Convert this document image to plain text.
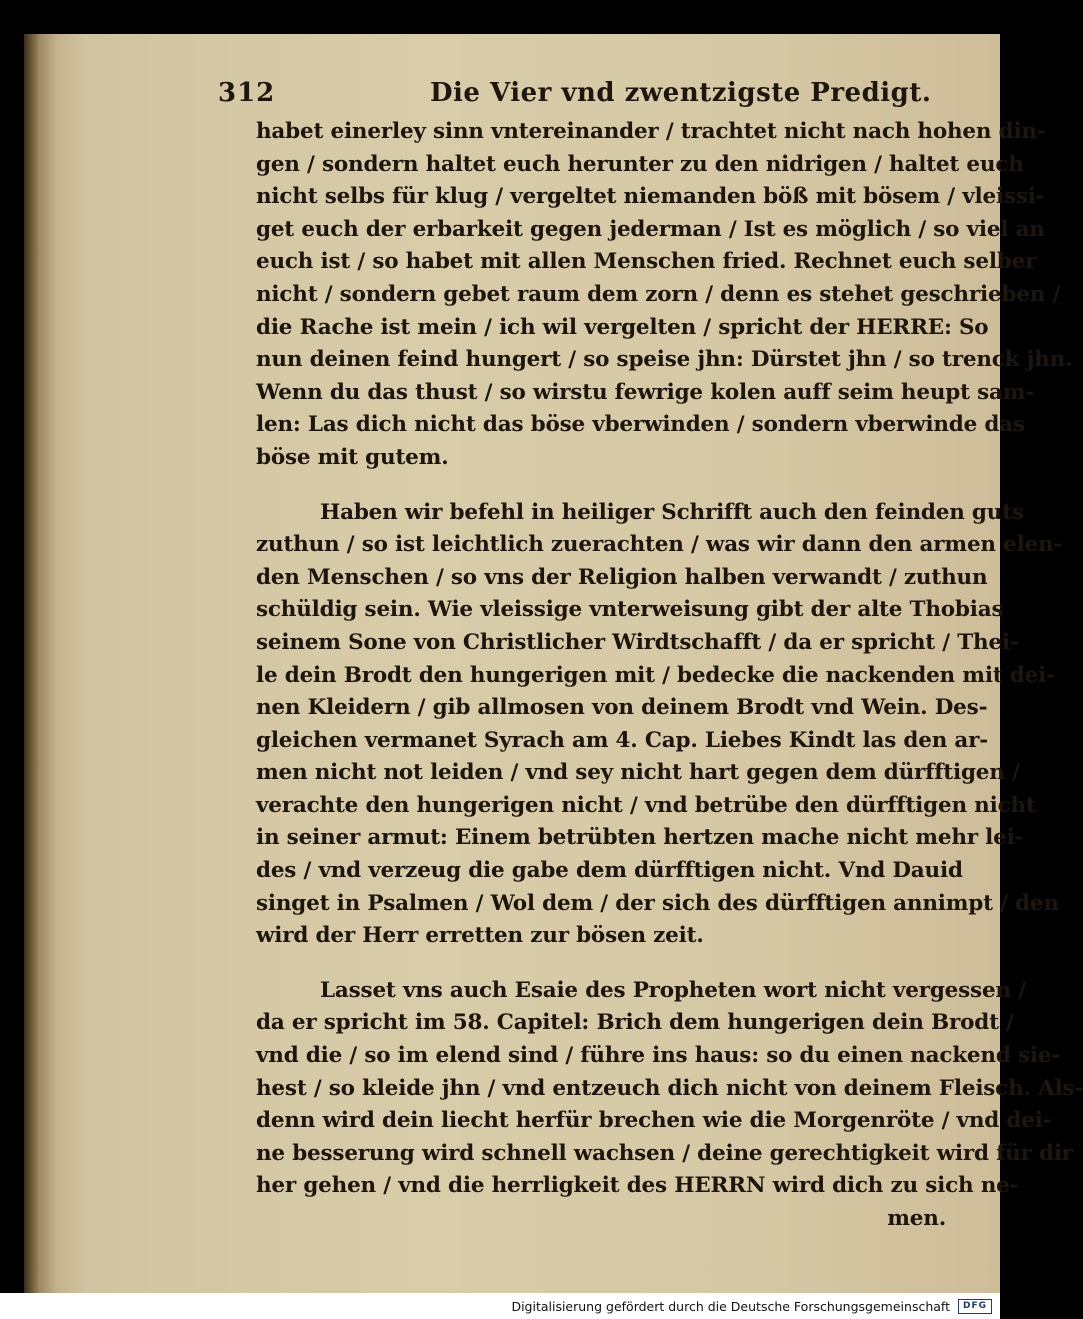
312	Die Vier vnd zwentzigste Predigt.
habet einerley sinn vntereinander / trachtet nicht nach hohen din-
gen / sondern haltet euch herunter zu den nidrigen / haltet euch
nicht selbs für klug / vergeltet niemanden böß mit bösem / vleissi-
get euch der erbarkeit gegen jederman / Ist es möglich / so viel an
euch ist / so habet mit allen Menschen fried. Rechnet euch selber
nicht / sondern gebet raum dem zorn / denn es stehet geschrieben /
die Rache ist mein / ich wil vergelten / spricht der HERRE: So
nun deinen feind hungert / so speise jhn: Dürstet jhn / so trenck jhn.
Wenn du das thust / so wirstu fewrige kolen auff seim heupt sam-
len: Las dich nicht das böse vberwinden / sondern vberwinde das
böse mit gutem.
Haben wir befehl in heiliger Schrifft auch den feinden guts
zuthun / so ist leichtlich zuerachten / was wir dann den armen elen-
den Menschen / so vns der Religion halben verwandt / zuthun
schüldig sein. Wie vleissige vnterweisung gibt der alte Thobias
seinem Sone von Christlicher Wirdtschafft / da er spricht / Thei-
le dein Brodt den hungerigen mit / bedecke die nackenden mit dei-
nen Kleidern / gib allmosen von deinem Brodt vnd Wein. Des-
gleichen vermanet Syrach am 4. Cap. Liebes Kindt las den ar-
men nicht not leiden / vnd sey nicht hart gegen dem dürfftigen /
verachte den hungerigen nicht / vnd betrübe den dürfftigen nicht
in seiner armut: Einem betrübten hertzen mache nicht mehr lei-
des / vnd verzeug die gabe dem dürfftigen nicht. Vnd Dauid
singet in Psalmen / Wol dem / der sich des dürfftigen annimpt / den
wird der Herr erretten zur bösen zeit.
Lasset vns auch Esaie des Propheten wort nicht vergessen /
da er spricht im 58. Capitel: Brich dem hungerigen dein Brodt /
vnd die / so im elend sind / führe ins haus: so du einen nackend sie-
hest / so kleide jhn / vnd entzeuch dich nicht von deinem Fleisch. Als-
denn wird dein liecht herfür brechen wie die Morgenröte / vnd dei-
ne besserung wird schnell wachsen / deine gerechtigkeit wird für dir
her gehen / vnd die herrligkeit des HERRN wird dich zu sich ne-
men.
Digitalisierung gefördert durch die Deutsche Forschungsgemeinschaft	DFG
